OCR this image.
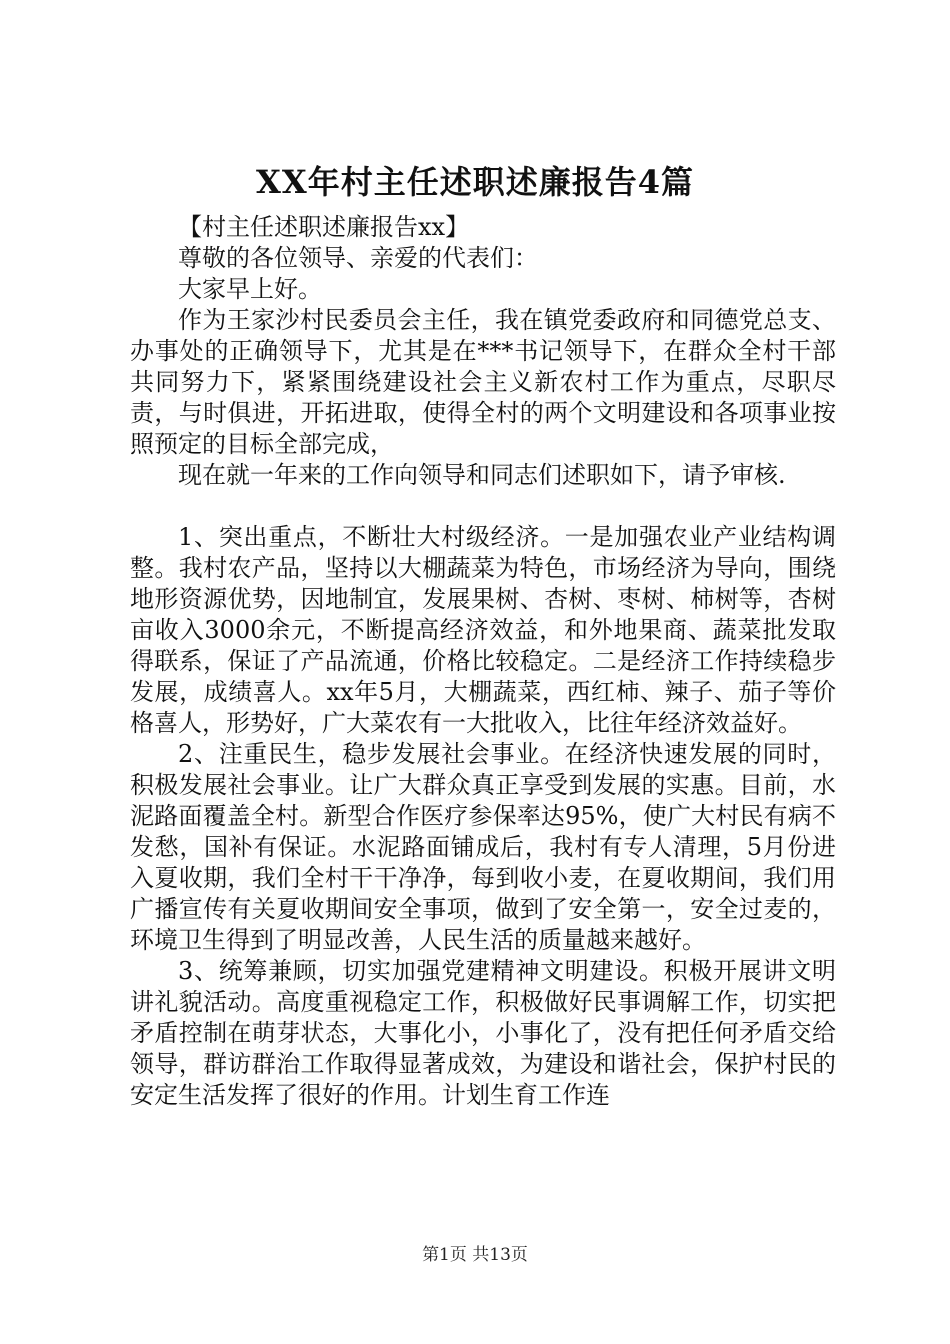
XX年村主任述职述廉报告4篇

【村主任述职述廉报告xx】

尊敬的各位领导、亲爱的代表们：

大家早上好。

作为王家沙村民委员会主任，我在镇党委政府和同德党总支、办事处的正确领导下，尤其是在***书记领导下，在群众全村干部共同努力下，紧紧围绕建设社会主义新农村工作为重点，尽职尽责，与时俱进，开拓进取，使得全村的两个文明建设和各项事业按照预定的目标全部完成，

现在就一年来的工作向领导和同志们述职如下，请予审核.

1、突出重点，不断壮大村级经济。一是加强农业产业结构调整。我村农产品，坚持以大棚蔬菜为特色，市场经济为导向，围绕地形资源优势，因地制宜，发展果树、杏树、枣树、柿树等，杏树亩收入3000余元，不断提高经济效益，和外地果商、蔬菜批发取得联系，保证了产品流通，价格比较稳定。二是经济工作持续稳步发展，成绩喜人。xx年5月，大棚蔬菜，西红柿、辣子、茄子等价格喜人，形势好，广大菜农有一大批收入，比往年经济效益好。

2、注重民生，稳步发展社会事业。在经济快速发展的同时，积极发展社会事业。让广大群众真正享受到发展的实惠。目前，水泥路面覆盖全村。新型合作医疗参保率达95%，使广大村民有病不发愁，国补有保证。水泥路面铺成后，我村有专人清理，5月份进入夏收期，我们全村干干净净，每到收小麦，在夏收期间，我们用广播宣传有关夏收期间安全事项，做到了安全第一，安全过麦的，环境卫生得到了明显改善，人民生活的质量越来越好。

3、统筹兼顾，切实加强党建精神文明建设。积极开展讲文明讲礼貌活动。高度重视稳定工作，积极做好民事调解工作，切实把矛盾控制在萌芽状态，大事化小，小事化了，没有把任何矛盾交给领导，群访群治工作取得显著成效，为建设和谐社会，保护村民的安定生活发挥了很好的作用。计划生育工作连

第1页 共13页
